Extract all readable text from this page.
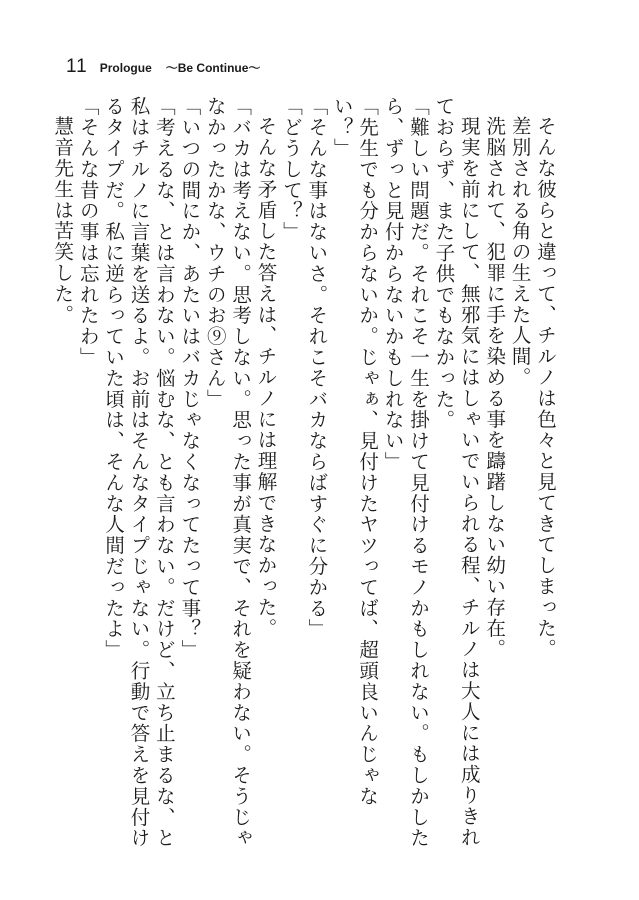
11 Prologue ～Be Continue～

そんな彼らと違って、チルノは色々と見てきてしまった。

差別される角の生えた人間。

洗脳されて、犯罪に手を染める事を躊躇しない幼い存在。

現実を前にして、無邪気にはしゃいでいられる程、チルノは大人には成りきれておらず、また子供でもなかった。

「難しい問題だ。それこそ一生を掛けて見付けるモノかもしれない。もしかしたら、ずっと見付からないかもしれない」

「先生でも分からないか。じゃぁ、見付けたヤツってば、超頭良いんじゃない？」

「そんな事はないさ。それこそバカならばすぐに分かる」

「どうして？」

そんな矛盾した答えは、チルノには理解できなかった。

「バカは考えない。思考しない。思った事が真実で、それを疑わない。そうじゃなかったかな、ウチのお⑨さん」

「いつの間にか、あたいはバカじゃなくなってたって事？」

「考えるな、とは言わない。悩むな、とも言わない。だけど、立ち止まるな、と私はチルノに言葉を送るよ。お前はそんなタイプじゃない。行動で答えを見付けるタイプだ。私に逆らっていた頃は、そんな人間だったよ」

「そんな昔の事は忘れたわ」

慧音先生は苦笑した。
